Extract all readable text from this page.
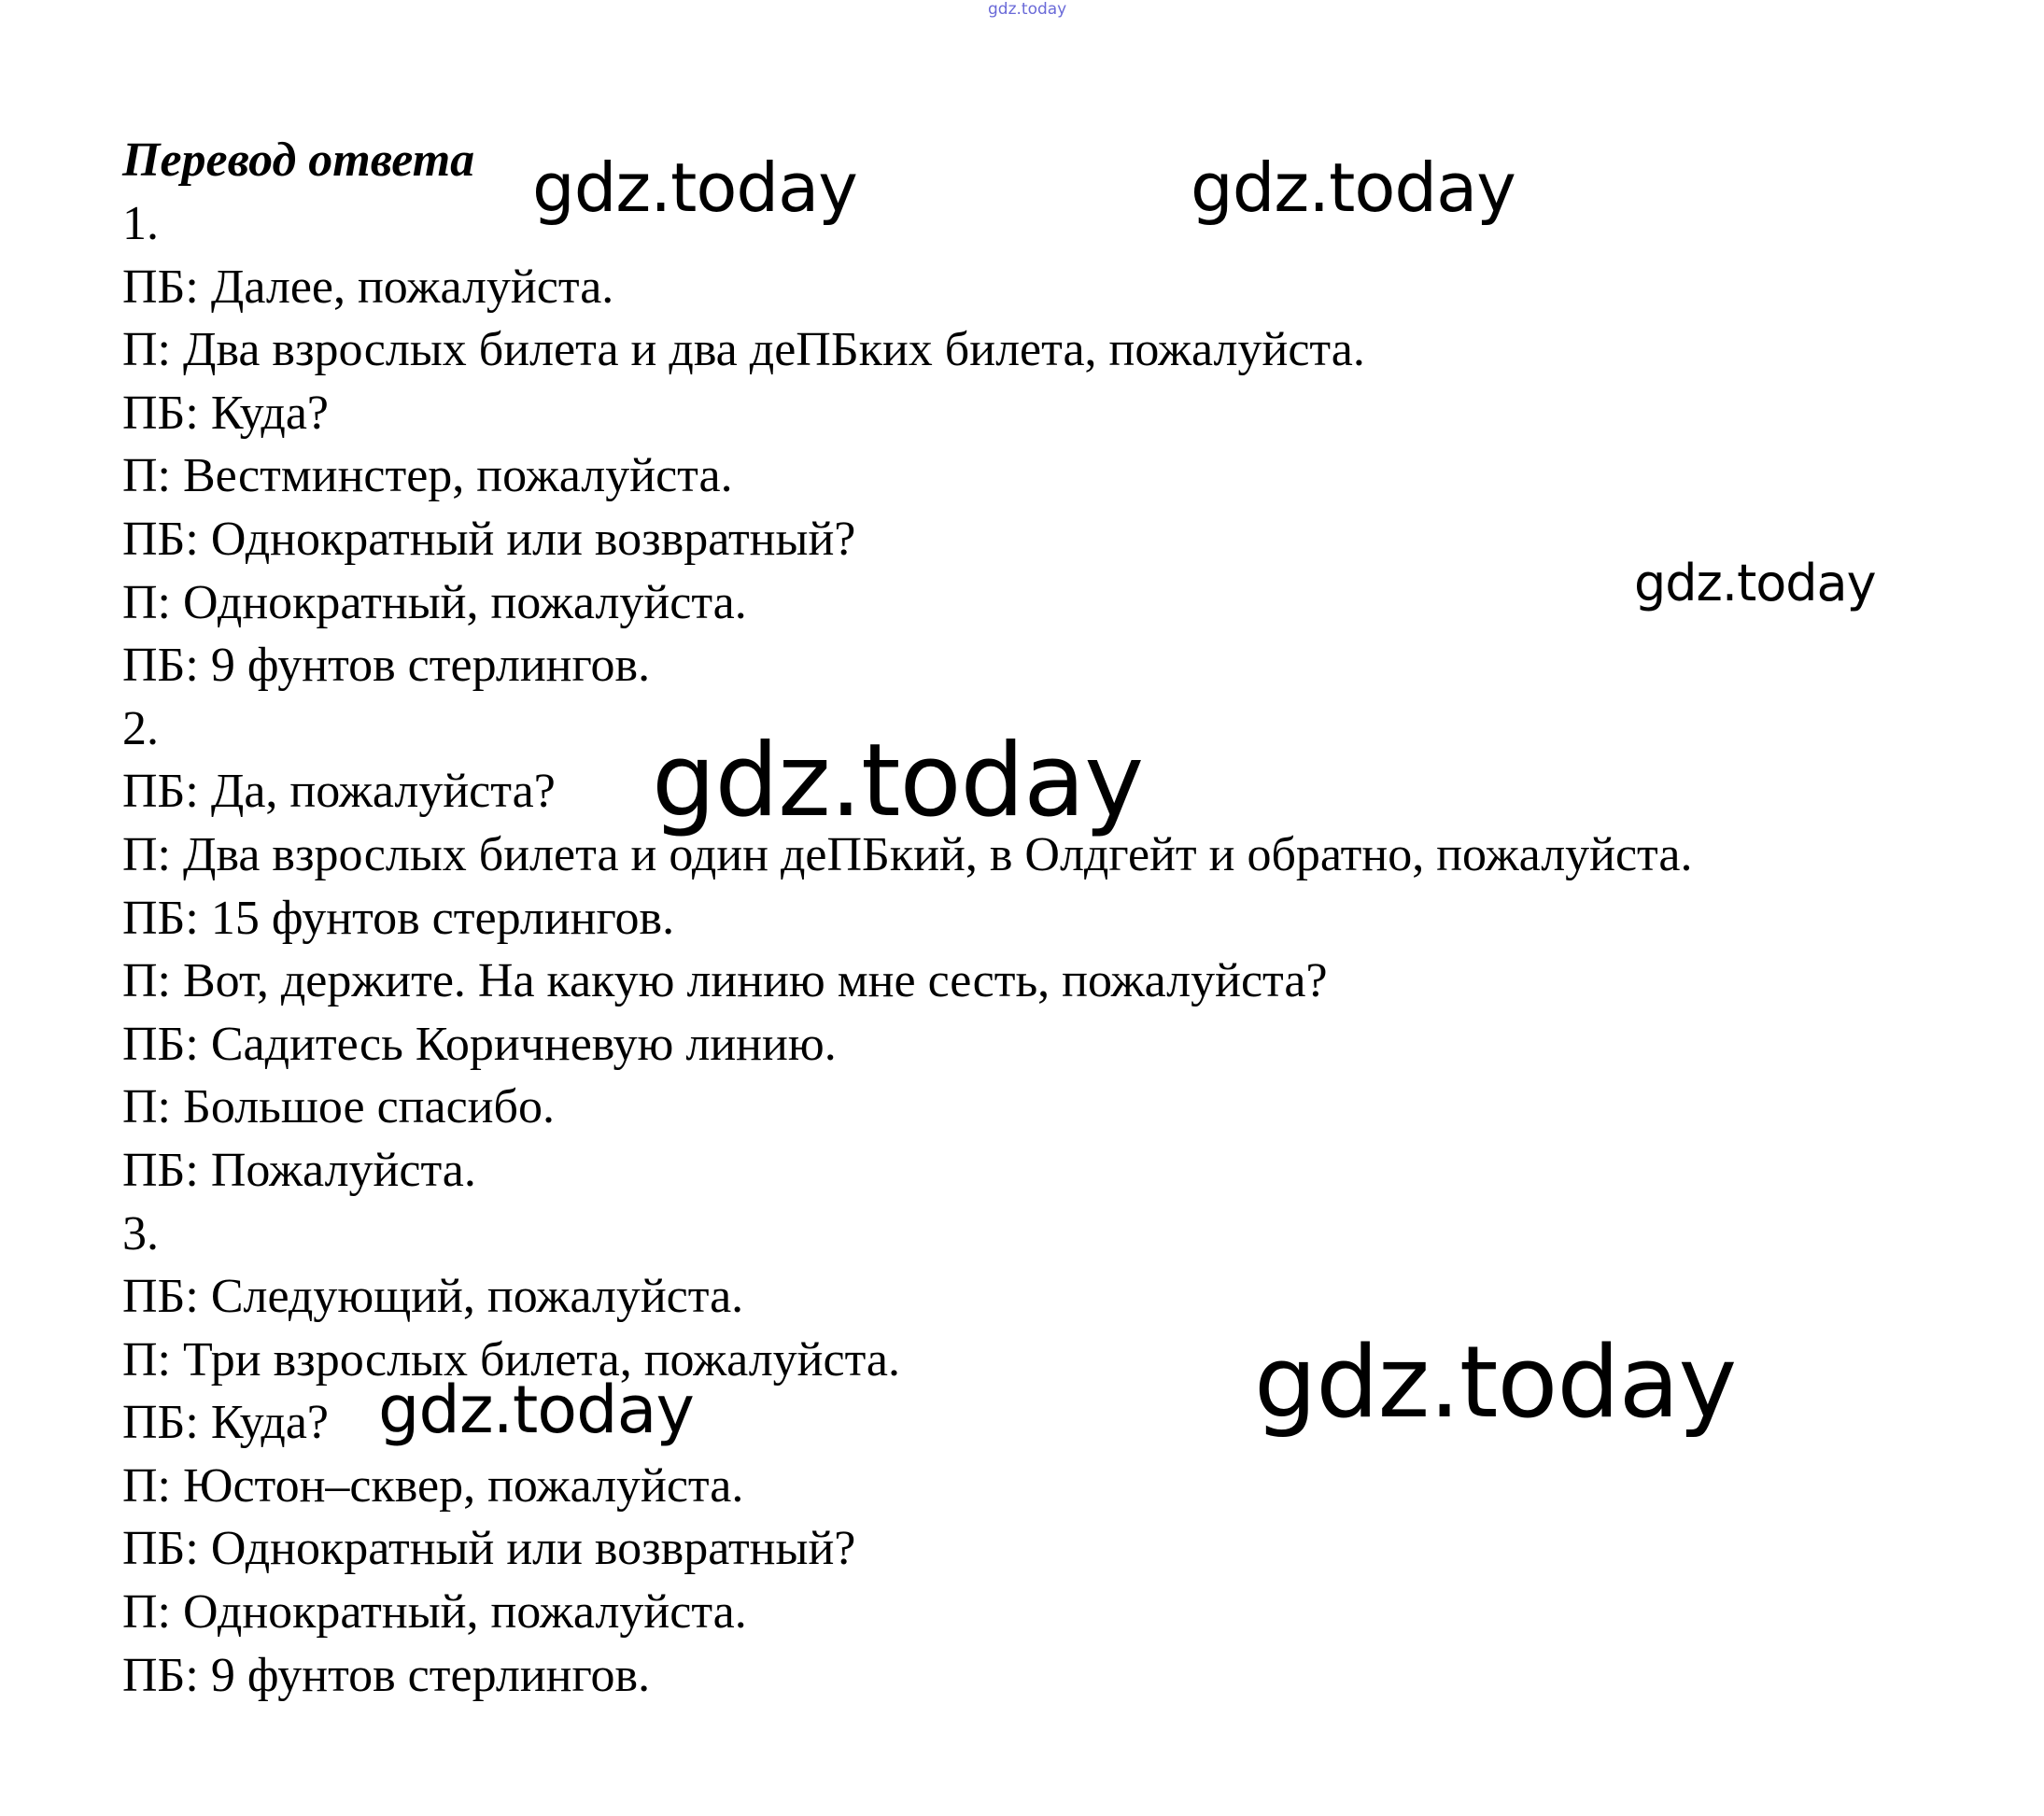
gdz.today
Перевод ответа
1.
ПБ: Далее, пожалуйста.
П: Два взрослых билета и два деПБких билета, пожалуйста.
ПБ: Куда?
П: Вестминстер, пожалуйста.
ПБ: Однократный или возвратный?
П: Однократный, пожалуйста.
ПБ: 9 фунтов стерлингов.
2.
ПБ: Да, пожалуйста?
П: Два взрослых билета и один деПБкий, в Олдгейт и обратно, пожалуйста.
ПБ: 15 фунтов стерлингов.
П: Вот, держите. На какую линию мне сесть, пожалуйста?
ПБ: Садитесь Коричневую линию.
П: Большое спасибо.
ПБ: Пожалуйста.
3.
ПБ: Следующий, пожалуйста.
П: Три взрослых билета, пожалуйста.
ПБ: Куда?
П: Юстон–сквер, пожалуйста.
ПБ: Однократный или возвратный?
П: Однократный, пожалуйста.
ПБ: 9 фунтов стерлингов.
gdz.today	gdz.today
gdz.today
gdz.today
gdz.today
gdz.today
